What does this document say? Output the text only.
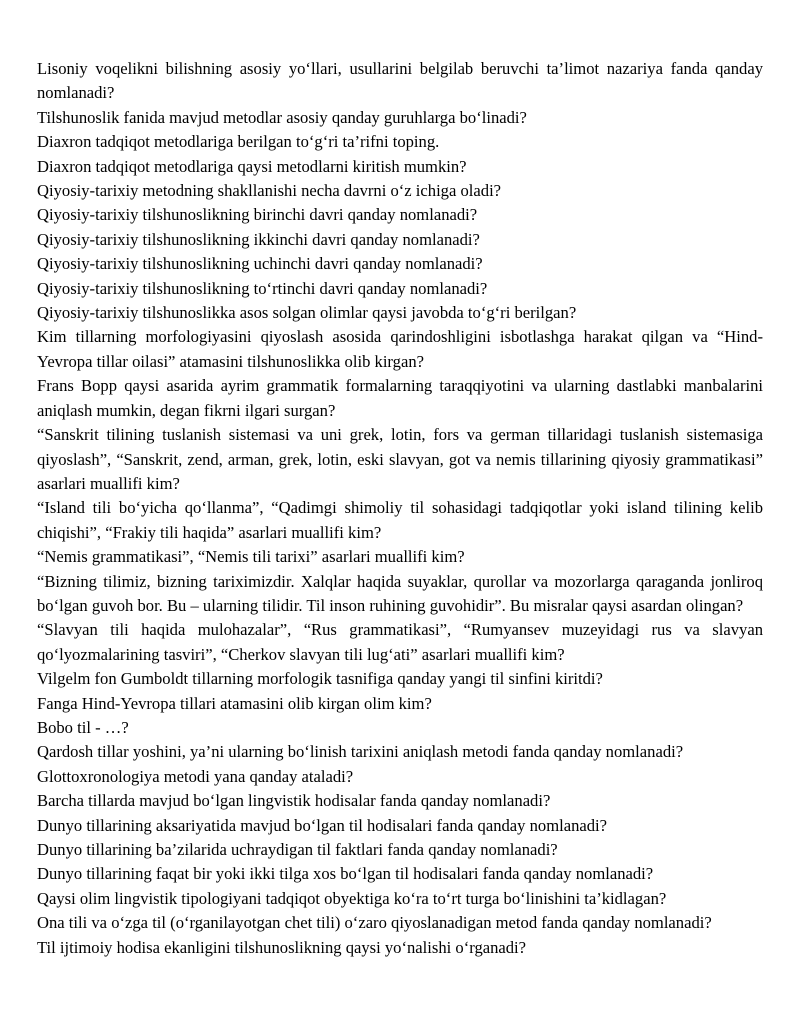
Lisoniy voqelikni bilishning asosiy yo‘llari, usullarini belgilab beruvchi ta’limot nazariya fanda qanday nomlanadi?
Tilshunoslik fanida mavjud metodlar asosiy qanday guruhlarga bo‘linadi?
Diaxron tadqiqot metodlariga berilgan to‘g‘ri ta’rifni toping.
Diaxron tadqiqot metodlariga qaysi metodlarni kiritish mumkin?
Qiyosiy-tarixiy metodning shakllanishi necha davrni o‘z ichiga oladi?
Qiyosiy-tarixiy tilshunoslikning birinchi davri qanday nomlanadi?
Qiyosiy-tarixiy tilshunoslikning ikkinchi davri qanday nomlanadi?
Qiyosiy-tarixiy tilshunoslikning uchinchi davri qanday nomlanadi?
Qiyosiy-tarixiy tilshunoslikning to‘rtinchi davri qanday nomlanadi?
Qiyosiy-tarixiy tilshunoslikka asos solgan olimlar qaysi javobda to‘g‘ri berilgan?
Kim tillarning morfologiyasini qiyoslash asosida qarindoshligini isbotlashga harakat qilgan va “Hind-Yevropa tillar oilasi” atamasini tilshunoslikka olib kirgan?
Frans Bopp qaysi asarida ayrim grammatik formalarning taraqqiyotini va ularning dastlabki manbalarini aniqlash mumkin, degan fikrni ilgari surgan?
“Sanskrit tilining tuslanish sistemasi va uni grek, lotin, fors va german tillaridagi tuslanish sistemasiga qiyoslash”, “Sanskrit, zend, arman, grek, lotin, eski slavyan, got va nemis tillarining qiyosiy grammatikasi” asarlari muallifi kim?
“Island tili bo‘yicha qo‘llanma”, “Qadimgi shimoliy til sohasidagi tadqiqotlar yoki island tilining kelib chiqishi”, “Frakiy tili haqida” asarlari muallifi kim?
“Nemis grammatikasi”, “Nemis tili tarixi” asarlari muallifi kim?
“Bizning tilimiz, bizning tariximizdir. Xalqlar haqida suyaklar, qurollar va mozorlarga qaraganda jonliroq bo‘lgan guvoh bor. Bu – ularning tilidir. Til inson ruhining guvohidir”. Bu misralar qaysi asardan olingan?
“Slavyan tili haqida mulohazalar”, “Rus grammatikasi”, “Rumyansev muzeyidagi rus va slavyan qo‘lyozmalarining tasviri”, “Cherkov slavyan tili lug‘ati” asarlari muallifi kim?
Vilgelm fon Gumboldt tillarning morfologik tasnifiga qanday yangi til sinfini kiritdi?
Fanga Hind-Yevropa tillari atamasini olib kirgan olim kim?
Bobo til - …?
Qardosh tillar yoshini, ya’ni ularning bo‘linish tarixini aniqlash metodi fanda qanday nomlanadi?
Glottoxronologiya metodi yana qanday ataladi?
Barcha tillarda mavjud bo‘lgan lingvistik hodisalar fanda qanday nomlanadi?
Dunyo tillarining aksariyatida mavjud bo‘lgan til hodisalari fanda qanday nomlanadi?
Dunyo tillarining ba’zilarida uchraydigan til faktlari fanda qanday nomlanadi?
Dunyo tillarining faqat bir yoki ikki tilga xos bo‘lgan til hodisalari fanda qanday nomlanadi?
Qaysi olim lingvistik tipologiyani tadqiqot obyektiga ko‘ra to‘rt turga bo‘linishini ta’kidlagan?
Ona tili va o‘zga til (o‘rganilayotgan chet tili) o‘zaro qiyoslanadigan metod fanda qanday nomlanadi?
Til ijtimoiy hodisa ekanligini tilshunoslikning qaysi yo‘nalishi o‘rganadi?
